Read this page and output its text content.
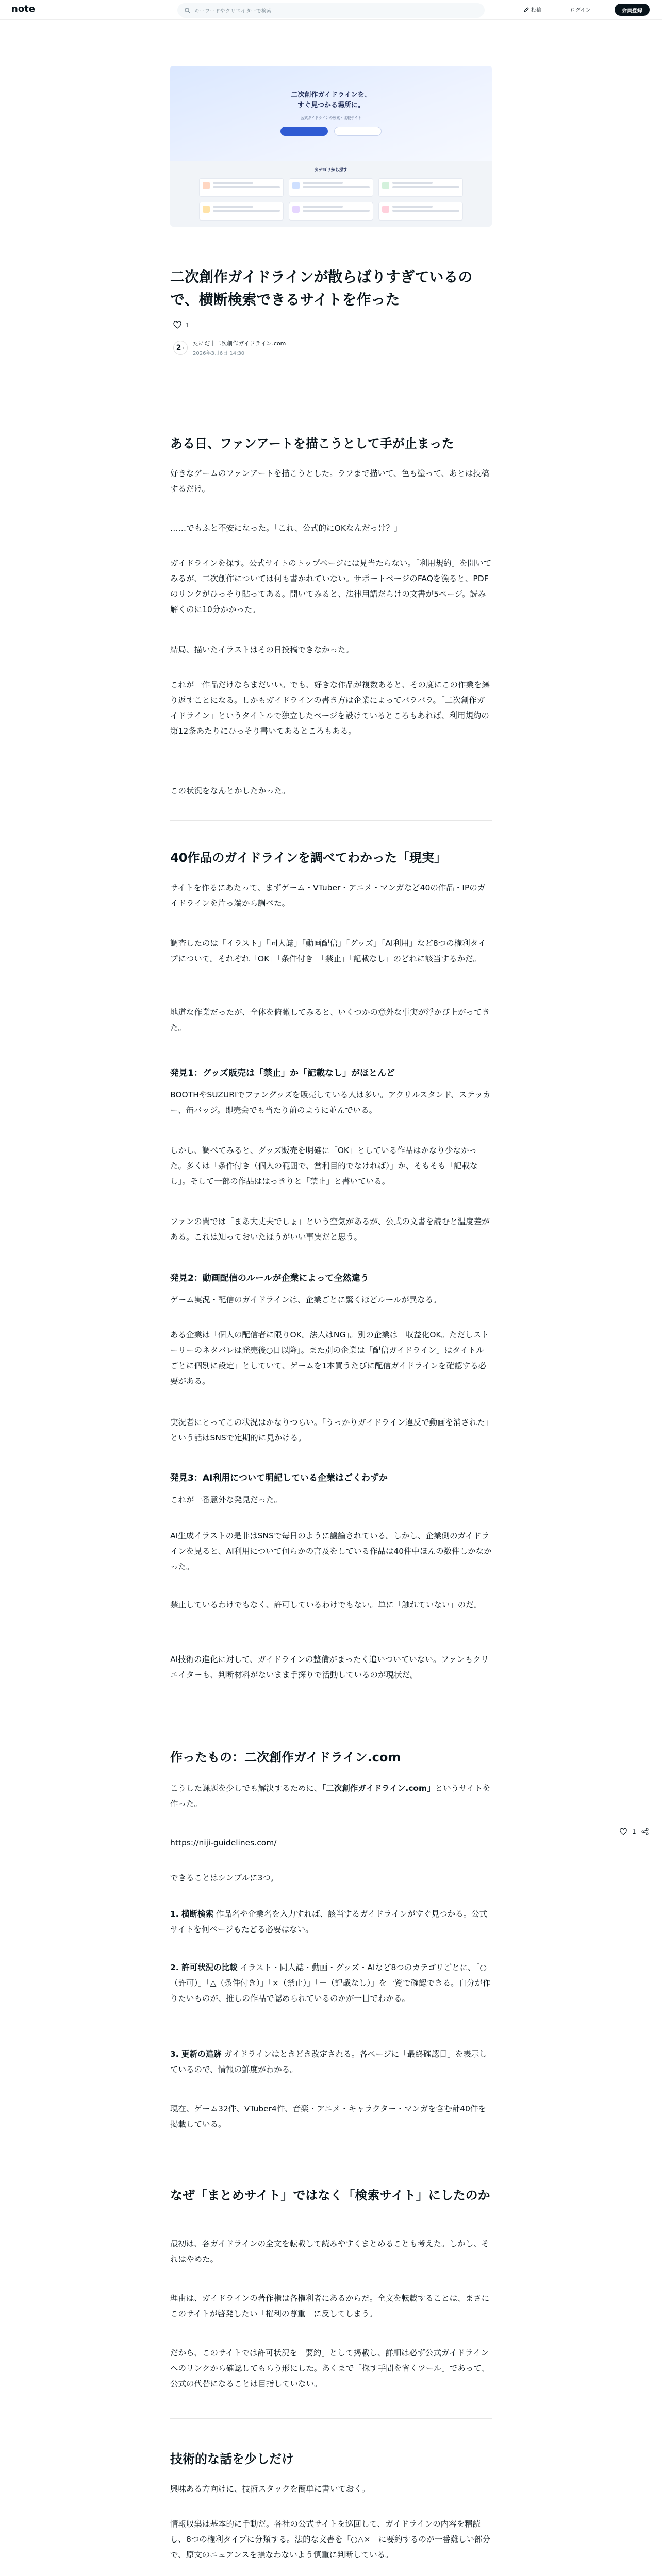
note	キーワードやクリエイターで検索	投稿	ログイン	会員登録
二次創作ガイドラインを、
すぐ見つかる場所に。
公式ガイドラインの検索・比較サイト
カテゴリから探す
二次創作ガイドラインが散らばりすぎているので、横断検索できるサイトを作った
1
2 +
たにだ｜二次創作ガイドライン.com
2026年3月6日 14:30
ある日、ファンアートを描こうとして手が止まった
好きなゲームのファンアートを描こうとした。ラフまで描いて、色も塗って、あとは投稿するだけ。
……でもふと不安になった。「これ、公式的にOKなんだっけ？」
ガイドラインを探す。公式サイトのトップページには見当たらない。「利用規約」を開いてみるが、二次創作については何も書かれていない。サポートページのFAQを漁ると、PDFのリンクがひっそり貼ってある。開いてみると、法律用語だらけの文書が5ページ。読み解くのに10分かかった。
結局、描いたイラストはその日投稿できなかった。
これが一作品だけならまだいい。でも、好きな作品が複数あると、その度にこの作業を繰り返すことになる。しかもガイドラインの書き方は企業によってバラバラ。「二次創作ガイドライン」というタイトルで独立したページを設けているところもあれば、利用規約の第12条あたりにひっそり書いてあるところもある。
この状況をなんとかしたかった。
40作品のガイドラインを調べてわかった「現実」
サイトを作るにあたって、まずゲーム・VTuber・アニメ・マンガなど40の作品・IPのガイドラインを片っ端から調べた。
調査したのは「イラスト」「同人誌」「動画配信」「グッズ」「AI利用」など8つの権利タイプについて。それぞれ「OK」「条件付き」「禁止」「記載なし」のどれに該当するかだ。
地道な作業だったが、全体を俯瞰してみると、いくつかの意外な事実が浮かび上がってきた。
発見1：グッズ販売は「禁止」か「記載なし」がほとんど
BOOTHやSUZURIでファングッズを販売している人は多い。アクリルスタンド、ステッカー、缶バッジ。即売会でも当たり前のように並んでいる。
しかし、調べてみると、グッズ販売を明確に「OK」としている作品はかなり少なかった。多くは「条件付き（個人の範囲で、営利目的でなければ）」か、そもそも「記載なし」。そして一部の作品ははっきりと「禁止」と書いている。
ファンの間では「まあ大丈夫でしょ」という空気があるが、公式の文書を読むと温度差がある。これは知っておいたほうがいい事実だと思う。
発見2：動画配信のルールが企業によって全然違う
ゲーム実況・配信のガイドラインは、企業ごとに驚くほどルールが異なる。
ある企業は「個人の配信者に限りOK。法人はNG」。別の企業は「収益化OK。ただしストーリーのネタバレは発売後○日以降」。また別の企業は「配信ガイドライン」はタイトルごとに個別に設定」としていて、ゲームを1本買うたびに配信ガイドラインを確認する必要がある。
実況者にとってこの状況はかなりつらい。「うっかりガイドライン違反で動画を消された」という話はSNSで定期的に見かける。
発見3：AI利用について明記している企業はごくわずか
これが一番意外な発見だった。
AI生成イラストの是非はSNSで毎日のように議論されている。しかし、企業側のガイドラインを見ると、AI利用について何らかの言及をしている作品は40件中ほんの数件しかなかった。
禁止しているわけでもなく、許可しているわけでもない。単に「触れていない」のだ。
AI技術の進化に対して、ガイドラインの整備がまったく追いついていない。ファンもクリエイターも、判断材料がないまま手探りで活動しているのが現状だ。
作ったもの：二次創作ガイドライン.com
こうした課題を少しでも解決するために、「二次創作ガイドライン.com」というサイトを作った。
https://niji-guidelines.com/
できることはシンプルに3つ。
1. 横断検索 作品名や企業名を入力すれば、該当するガイドラインがすぐ見つかる。公式サイトを何ページもたどる必要はない。
2. 許可状況の比較 イラスト・同人誌・動画・グッズ・AIなど8つのカテゴリごとに、「○（許可）」「△（条件付き）」「×（禁止）」「－（記載なし）」を一覧で確認できる。自分が作りたいものが、推しの作品で認められているのかが一目でわかる。
3. 更新の追跡 ガイドラインはときどき改定される。各ページに「最終確認日」を表示しているので、情報の鮮度がわかる。
現在、ゲーム32件、VTuber4件、音楽・アニメ・キャラクター・マンガを含む計40件を掲載している。
なぜ「まとめサイト」ではなく「検索サイト」にしたのか
最初は、各ガイドラインの全文を転載して読みやすくまとめることも考えた。しかし、それはやめた。
理由は、ガイドラインの著作権は各権利者にあるからだ。全文を転載することは、まさにこのサイトが啓発したい「権利の尊重」に反してしまう。
だから、このサイトでは許可状況を「要約」として掲載し、詳細は必ず公式ガイドラインへのリンクから確認してもらう形にした。あくまで「探す手間を省くツール」であって、公式の代替になることは目指していない。
技術的な話を少しだけ
興味ある方向けに、技術スタックを簡単に書いておく。
情報収集は基本的に手動だ。各社の公式サイトを巡回して、ガイドラインの内容を精読し、8つの権利タイプに分類する。法的な文書を「○△×」に要約するのが一番難しい部分で、原文のニュアンスを損なわないよう慎重に判断している。
1
